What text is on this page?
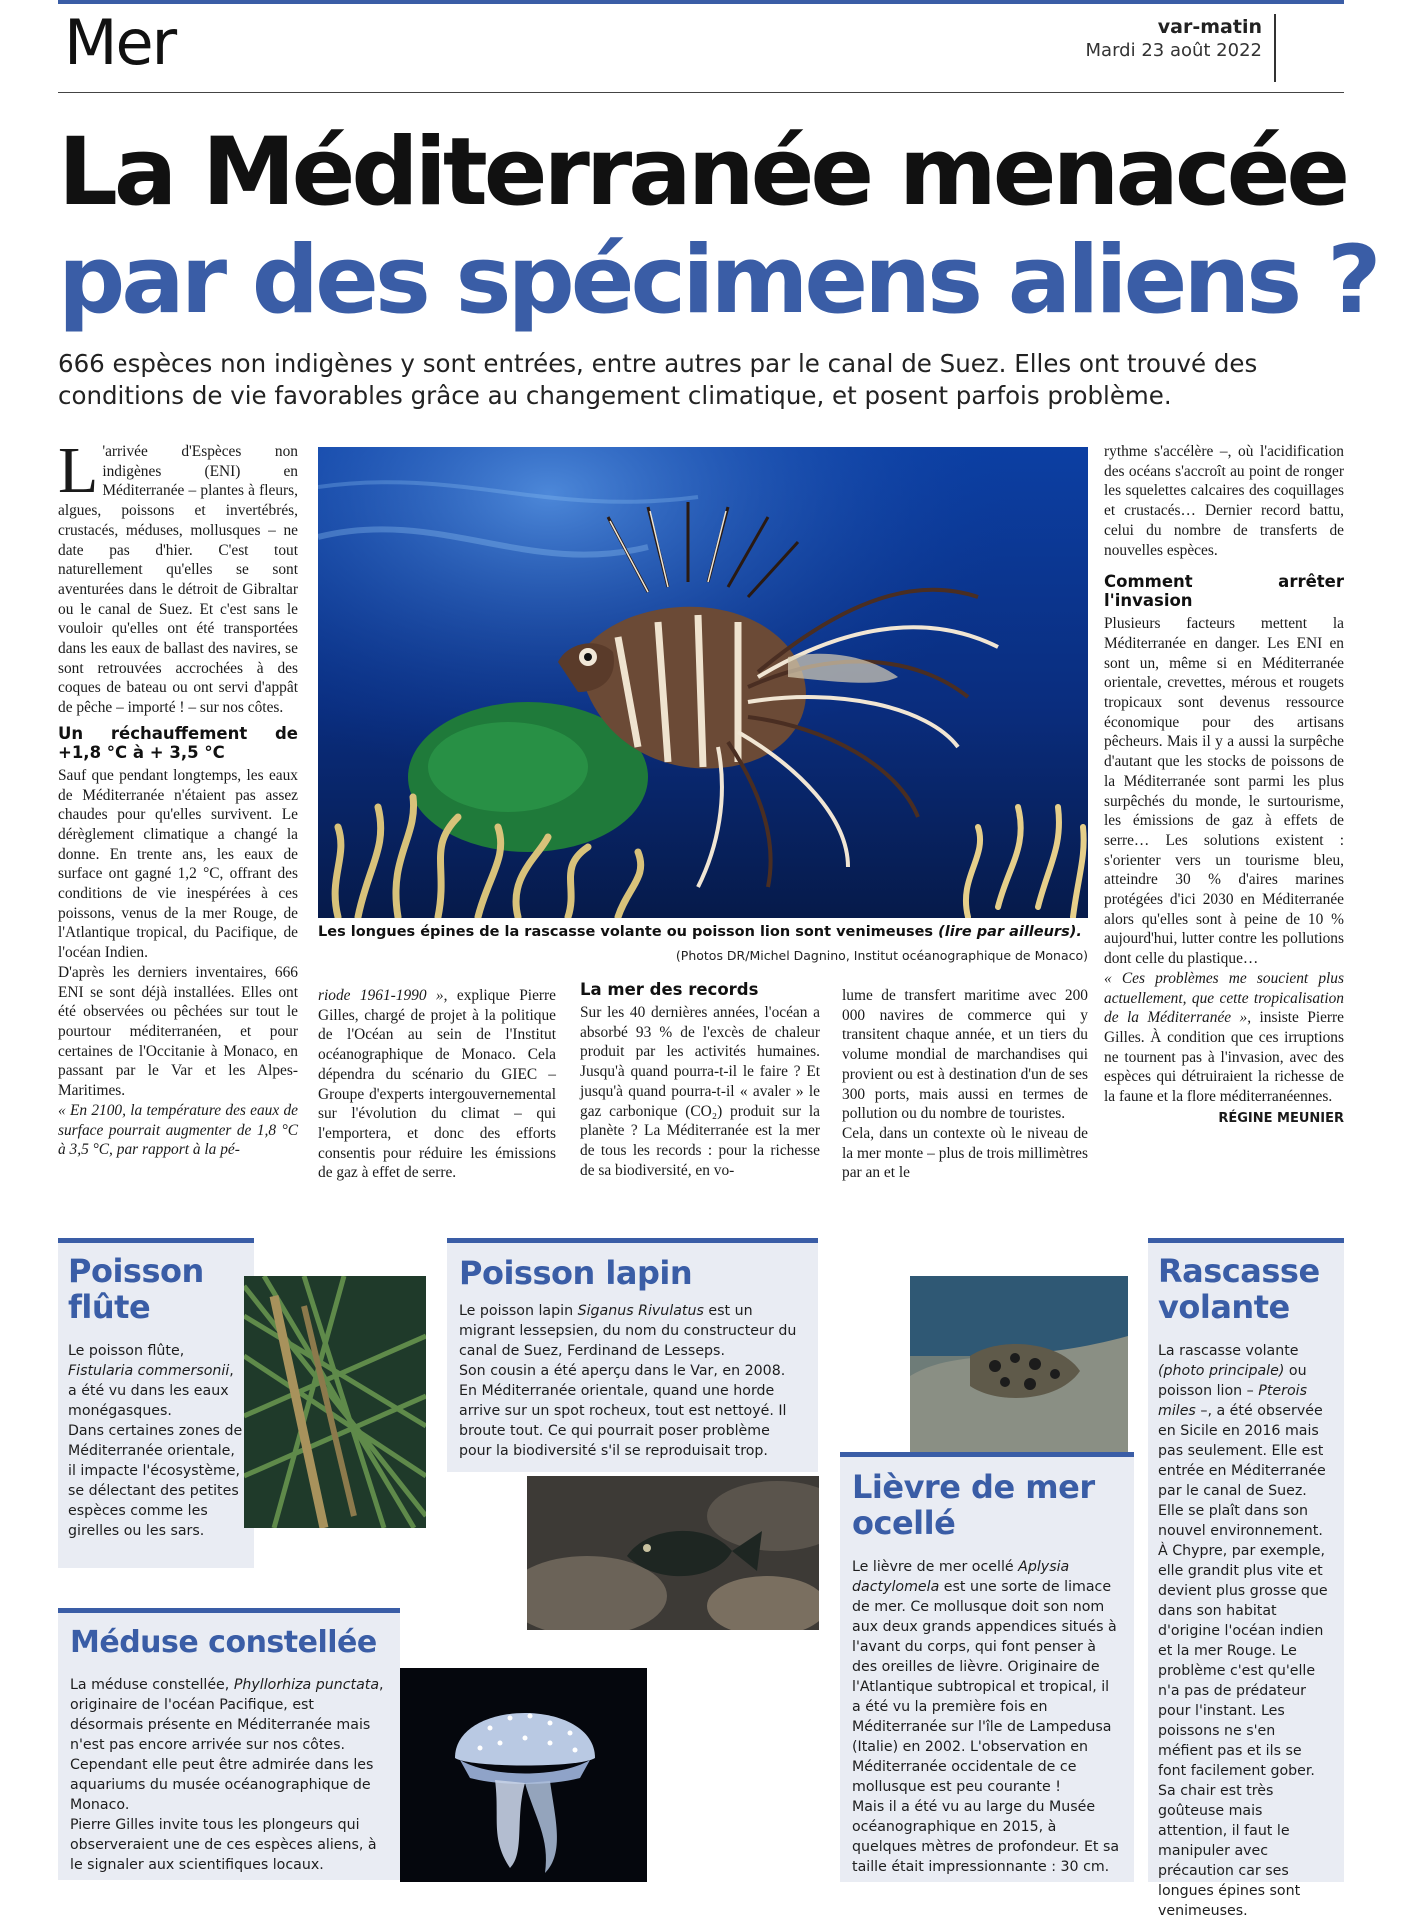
Mer	var-matin
Mardi 23 août 2022
La Méditerranée menacée
par des spécimens aliens ?
666 espèces non indigènes y sont entrées, entre autres par le canal de Suez. Elles ont trouvé des conditions de vie favorables grâce au changement climatique, et posent parfois problème.

L 'arrivée d'Espèces non indigènes (ENI) en Méditerranée – plantes à fleurs, algues, poissons et invertébrés, crustacés, méduses, mollusques – ne date pas d'hier. C'est tout naturellement qu'elles se sont aventurées dans le détroit de Gibraltar ou le canal de Suez. Et c'est sans le vouloir qu'elles ont été transportées dans les eaux de ballast des navires, se sont retrouvées accrochées à des coques de bateau ou ont servi d'appât de pêche – importé ! – sur nos côtes.

Un réchauffement de +1,8 °C à + 3,5 °C

Sauf que pendant longtemps, les eaux de Méditerranée n'étaient pas assez chaudes pour qu'elles survivent. Le dérèglement climatique a changé la donne. En trente ans, les eaux de surface ont gagné 1,2 °C, offrant des conditions de vie inespérées à ces poissons, venus de la mer Rouge, de l'Atlantique tropical, du Pacifique, de l'océan Indien.

D'après les derniers inventaires, 666 ENI se sont déjà installées. Elles ont été observées ou pêchées sur tout le pourtour méditerranéen, et pour certaines de l'Occitanie à Monaco, en passant par le Var et les Alpes-Maritimes.

« En 2100, la température des eaux de surface pourrait augmenter de 1,8 °C à 3,5 °C, par rapport à la pé-

Les longues épines de la rascasse volante ou poisson lion sont venimeuses (lire par ailleurs).
(Photos DR/Michel Dagnino, Institut océanographique de Monaco)

riode 1961-1990 », explique Pierre Gilles, chargé de projet à la politique de l'Océan au sein de l'Institut océanographique de Monaco. Cela dépendra du scénario du GIEC – Groupe d'experts intergouvernemental sur l'évolution du climat – qui l'emportera, et donc des efforts consentis pour réduire les émissions de gaz à effet de serre.

La mer des records

Sur les 40 dernières années, l'océan a absorbé 93 % de l'excès de chaleur produit par les activités humaines. Jusqu'à quand pourra-t-il le faire ? Et jusqu'à quand pourra-t-il « avaler » le gaz carbonique (CO₂) produit sur la planète ? La Méditerranée est la mer de tous les records : pour la richesse de sa biodiversité, en vo-

lume de transfert maritime avec 200 000 navires de commerce qui y transitent chaque année, et un tiers du volume mondial de marchandises qui provient ou est à destination d'un de ses 300 ports, mais aussi en termes de pollution ou du nombre de touristes.

Cela, dans un contexte où le niveau de la mer monte – plus de trois millimètres par an et le

rythme s'accélère –, où l'acidification des océans s'accroît au point de ronger les squelettes calcaires des coquillages et crustacés… Dernier record battu, celui du nombre de transferts de nouvelles espèces.

Comment arrêter l'invasion

Plusieurs facteurs mettent la Méditerranée en danger. Les ENI en sont un, même si en Méditerranée orientale, crevettes, mérous et rougets tropicaux sont devenus ressource économique pour des artisans pêcheurs. Mais il y a aussi la surpêche d'autant que les stocks de poissons de la Méditerranée sont parmi les plus surpêchés du monde, le surtourisme, les émissions de gaz à effets de serre… Les solutions existent : s'orienter vers un tourisme bleu, atteindre 30 % d'aires marines protégées d'ici 2030 en Méditerranée alors qu'elles sont à peine de 10 % aujourd'hui, lutter contre les pollutions dont celle du plastique…

« Ces problèmes me soucient plus actuellement, que cette tropicalisation de la Méditerranée », insiste Pierre Gilles. À condition que ces irruptions ne tournent pas à l'invasion, avec des espèces qui détruiraient la richesse de la faune et la flore méditerranéennes.

RÉGINE MEUNIER
Poisson
flûte
Le poisson flûte, Fistularia commersonii, a été vu dans les eaux monégasques.
Dans certaines zones de Méditerranée orientale, il impacte l'écosystème, se délectant des petites espèces comme les girelles ou les sars.
Poisson lapin
Le poisson lapin Siganus Rivulatus est un migrant lessepsien, du nom du constructeur du canal de Suez, Ferdinand de Lesseps.
Son cousin a été aperçu dans le Var, en 2008.
En Méditerranée orientale, quand une horde arrive sur un spot rocheux, tout est nettoyé. Il broute tout. Ce qui pourrait poser problème pour la biodiversité s'il se reproduisait trop.
Lièvre de mer
ocellé
Le lièvre de mer ocellé Aplysia dactylomela est une sorte de limace de mer. Ce mollusque doit son nom aux deux grands appendices situés à l'avant du corps, qui font penser à des oreilles de lièvre. Originaire de l'Atlantique subtropical et tropical, il a été vu la première fois en Méditerranée sur l'île de Lampedusa (Italie) en 2002. L'observation en Méditerranée occidentale de ce mollusque est peu courante !
Mais il a été vu au large du Musée océanographique en 2015, à quelques mètres de profondeur. Et sa taille était impressionnante : 30 cm.
Rascasse
volante
La rascasse volante (photo principale) ou poisson lion – Pterois miles –, a été observée en Sicile en 2016 mais pas seulement. Elle est entrée en Méditerranée par le canal de Suez. Elle se plaît dans son nouvel environnement.
À Chypre, par exemple, elle grandit plus vite et devient plus grosse que dans son habitat d'origine l'océan indien et la mer Rouge. Le problème c'est qu'elle n'a pas de prédateur pour l'instant. Les poissons ne s'en méfient pas et ils se font facilement gober. Sa chair est très goûteuse mais attention, il faut le manipuler avec précaution car ses longues épines sont venimeuses.
Méduse constellée
La méduse constellée, Phyllorhiza punctata, originaire de l'océan Pacifique, est désormais présente en Méditerranée mais n'est pas encore arrivée sur nos côtes.
Cependant elle peut être admirée dans les aquariums du musée océanographique de Monaco.
Pierre Gilles invite tous les plongeurs qui observeraient une de ces espèces aliens, à le signaler aux scientifiques locaux.
